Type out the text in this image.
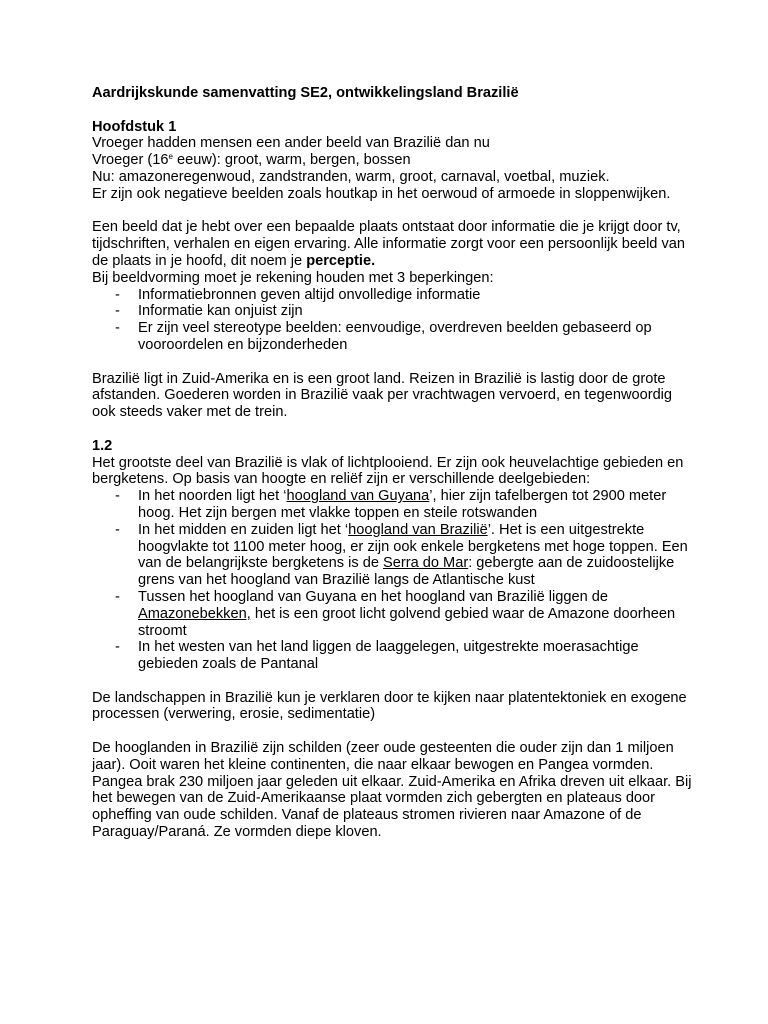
Aardrijkskunde samenvatting SE2, ontwikkelingsland Brazilië

Hoofdstuk 1

Vroeger hadden mensen een ander beeld van Brazilië dan nu

Vroeger (16e eeuw): groot, warm, bergen, bossen

Nu: amazoneregenwoud, zandstranden, warm, groot, carnaval, voetbal, muziek.

Er zijn ook negatieve beelden zoals houtkap in het oerwoud of armoede in sloppenwijken.

Een beeld dat je hebt over een bepaalde plaats ontstaat door informatie die je krijgt door tv, tijdschriften, verhalen en eigen ervaring. Alle informatie zorgt voor een persoonlijk beeld van de plaats in je hoofd, dit noem je perceptie.

Bij beeldvorming moet je rekening houden met 3 beperkingen:

- Informatiebronnen geven altijd onvolledige informatie
- Informatie kan onjuist zijn
- Er zijn veel stereotype beelden: eenvoudige, overdreven beelden gebaseerd op vooroordelen en bijzonderheden

Brazilië ligt in Zuid-Amerika en is een groot land. Reizen in Brazilië is lastig door de grote afstanden. Goederen worden in Brazilië vaak per vrachtwagen vervoerd, en tegenwoordig ook steeds vaker met de trein.

1.2

Het grootste deel van Brazilië is vlak of lichtplooiend. Er zijn ook heuvelachtige gebieden en bergketens. Op basis van hoogte en reliëf zijn er verschillende deelgebieden:

- In het noorden ligt het ‘hoogland van Guyana’, hier zijn tafelbergen tot 2900 meter hoog. Het zijn bergen met vlakke toppen en steile rotswanden
- In het midden en zuiden ligt het ‘hoogland van Brazilië’. Het is een uitgestrekte hoogvlakte tot 1100 meter hoog, er zijn ook enkele bergketens met hoge toppen. Een van de belangrijkste bergketens is de Serra do Mar: gebergte aan de zuidoostelijke grens van het hoogland van Brazilië langs de Atlantische kust
- Tussen het hoogland van Guyana en het hoogland van Brazilië liggen de Amazonebekken, het is een groot licht golvend gebied waar de Amazone doorheen stroomt
- In het westen van het land liggen de laaggelegen, uitgestrekte moerasachtige gebieden zoals de Pantanal

De landschappen in Brazilië kun je verklaren door te kijken naar platentektoniek en exogene processen (verwering, erosie, sedimentatie)

De hooglanden in Brazilië zijn schilden (zeer oude gesteenten die ouder zijn dan 1 miljoen jaar). Ooit waren het kleine continenten, die naar elkaar bewogen en Pangea vormden.

Pangea brak 230 miljoen jaar geleden uit elkaar. Zuid-Amerika en Afrika dreven uit elkaar. Bij het bewegen van de Zuid-Amerikaanse plaat vormden zich gebergten en plateaus door opheffing van oude schilden. Vanaf de plateaus stromen rivieren naar Amazone of de Paraguay/Paraná. Ze vormden diepe kloven.
